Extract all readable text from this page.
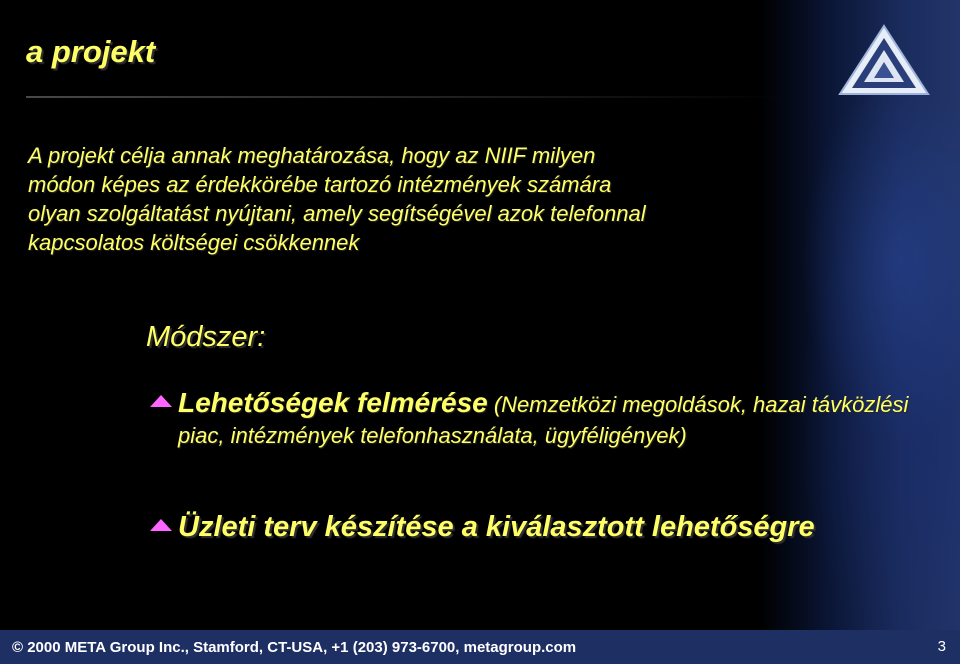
a projekt
A projekt célja annak meghatározása, hogy az NIIF milyen módon képes az érdekkörébe tartozó intézmények számára olyan szolgáltatást nyújtani, amely segítségével azok telefonnal kapcsolatos költségei csökkennek
Módszer:
Lehetőségek felmérése (Nemzetközi megoldások, hazai távközlési piac, intézmények telefonhasználata, ügyféligények)
Üzleti terv készítése a kiválasztott lehetőségre
© 2000 META Group Inc., Stamford, CT-USA, +1 (203) 973-6700, metagroup.com	3
